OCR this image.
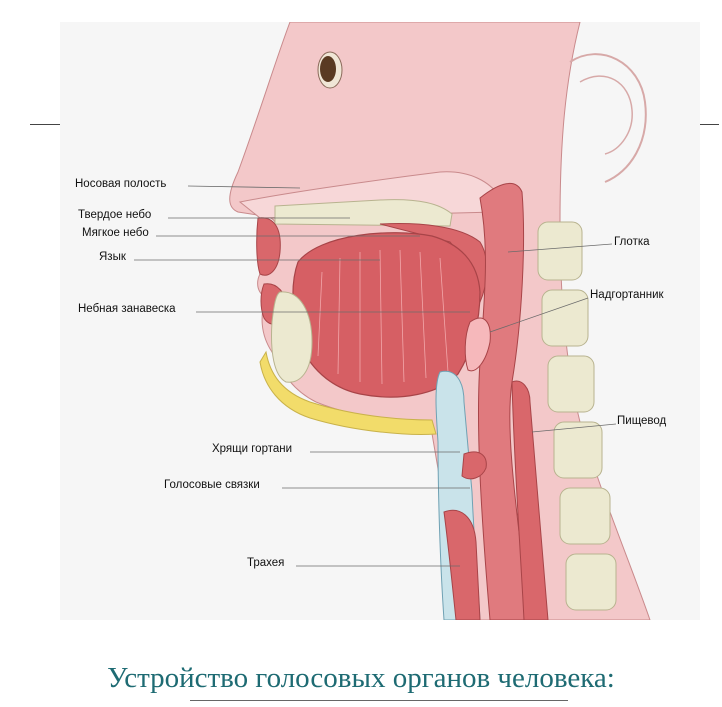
Носовая полость
Твердое небо
Мягкое небо
Язык
Небная занавеска
Хрящи гортани
Голосовые связки
Трахея
Глотка
Надгортанник
Пищевод
Устройство голосовых органов человека:
